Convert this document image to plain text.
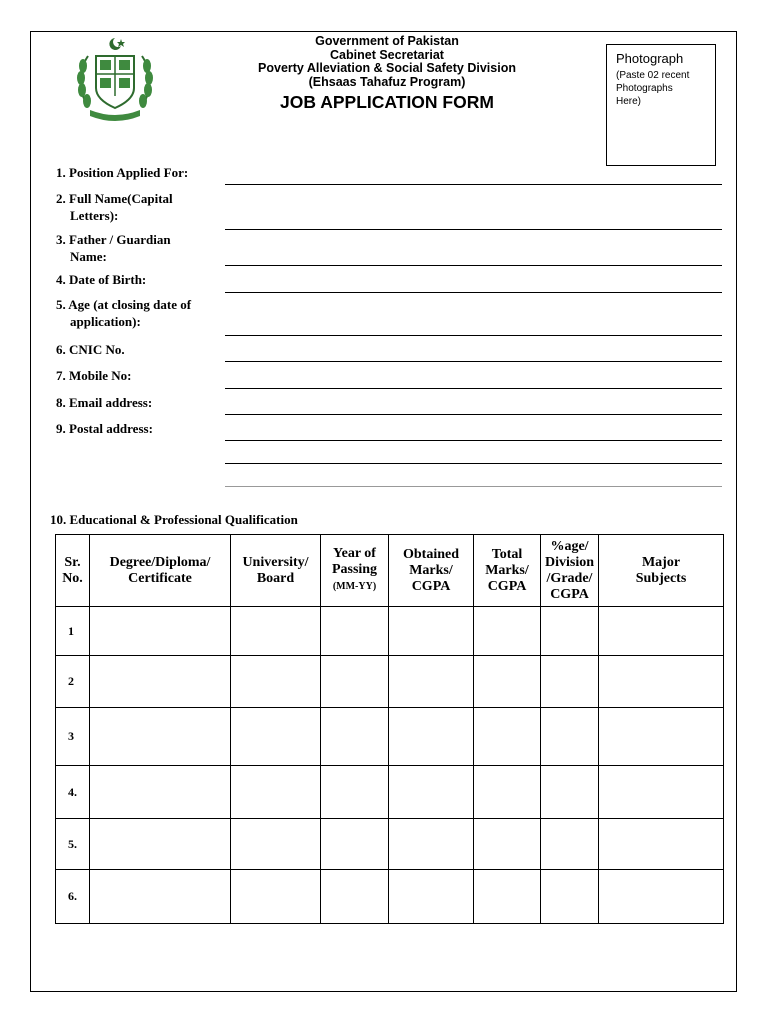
Government of Pakistan
Cabinet Secretariat
Poverty Alleviation & Social Safety Division
(Ehsaas Tahafuz Program)
JOB APPLICATION FORM
Photograph
(Paste 02 recent
Photographs
Here)
1. Position Applied For:
2. Full Name(Capital
Letters):
3. Father / Guardian
Name:
4. Date of Birth:
5. Age (at closing date of
application):
6. CNIC No.
7. Mobile No:
8. Email address:
9. Postal address:
10. Educational & Professional Qualification
Sr.
No.	Degree/Diploma/
Certificate	University/
Board	Year of
Passing
(MM-YY)	Obtained
Marks/
CGPA	Total
Marks/
CGPA	%age/
Division
/Grade/
CGPA	Major
Subjects
1							
2							
3							
4.							
5.							
6.							
